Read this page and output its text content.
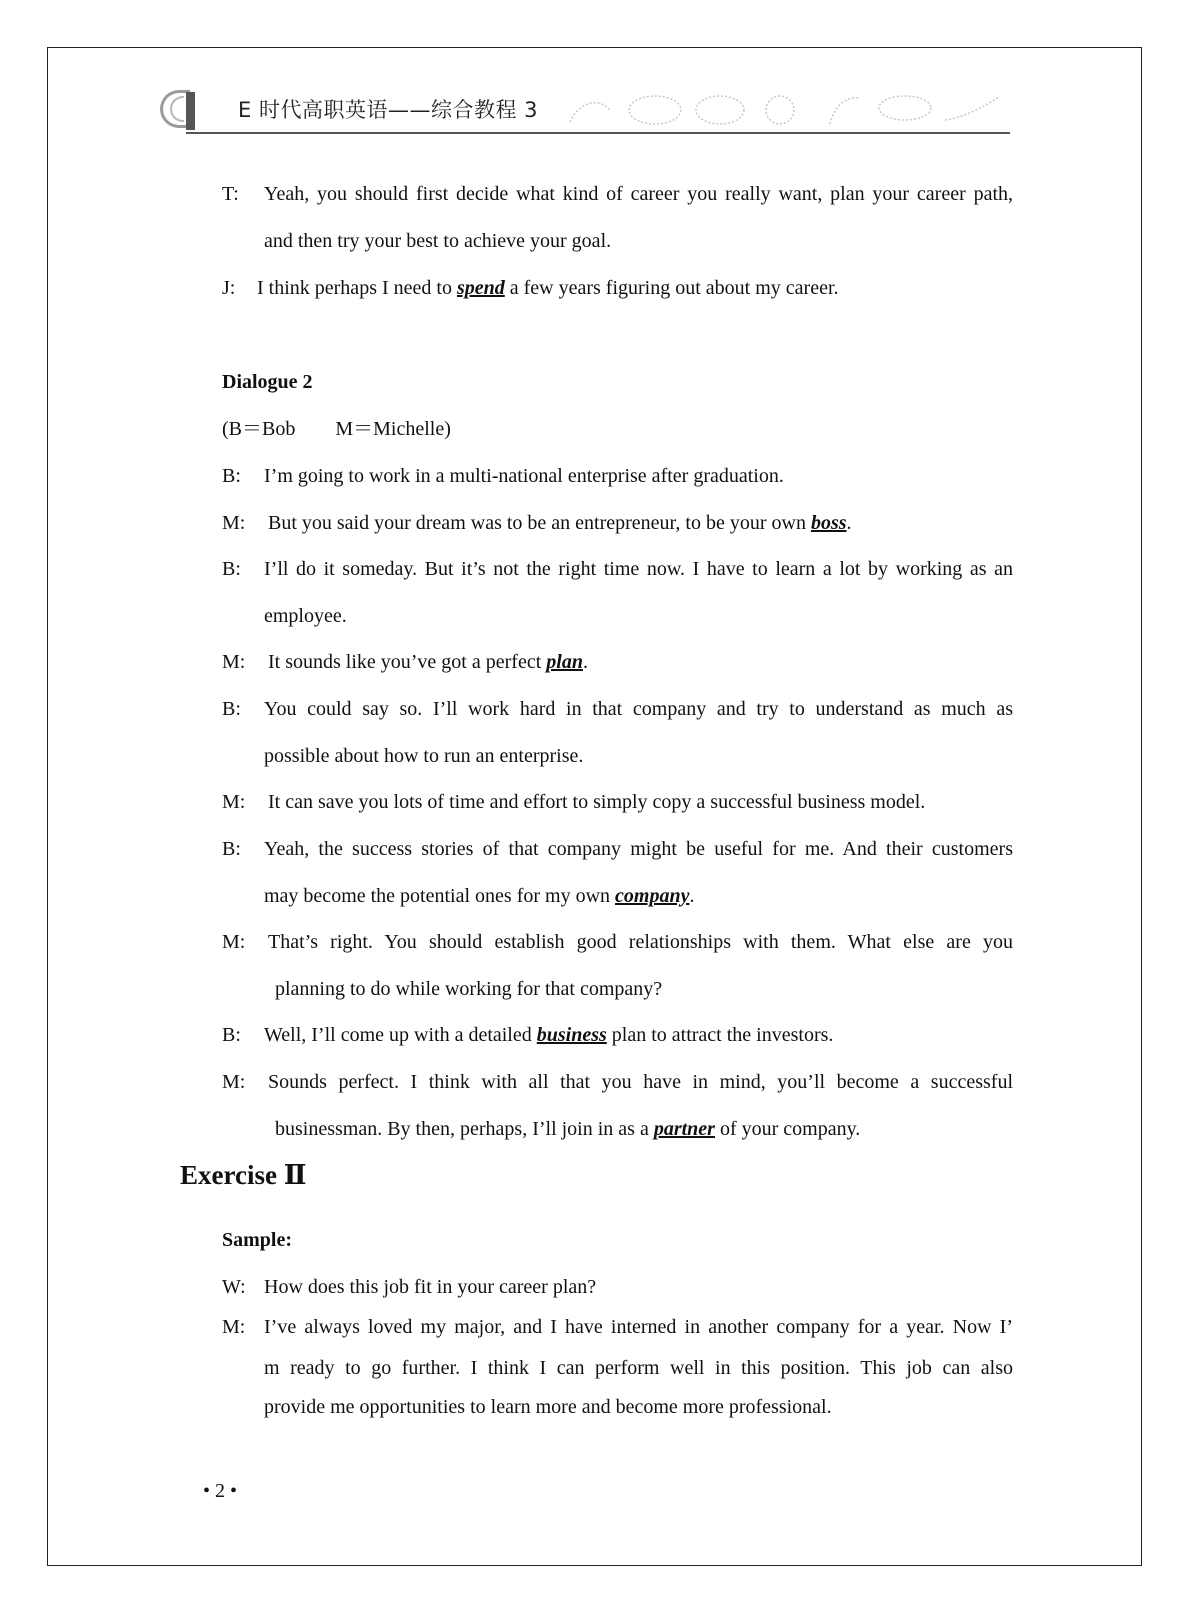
E 时代高职英语——综合教程 3
T: Yeah, you should first decide what kind of career you really want, plan your career path,
and then try your best to achieve your goal.
J: I think perhaps I need to spend a few years figuring out about my career.
Dialogue 2
(B＝Bob        M＝Michelle)
B: I’m going to work in a multi-national enterprise after graduation.
M: But you said your dream was to be an entrepreneur, to be your own boss.
B: I’ll do it someday. But it’s not the right time now. I have to learn a lot by working as an
employee.
M: It sounds like you’ve got a perfect plan.
B: You could say so. I’ll work hard in that company and try to understand as much as
possible about how to run an enterprise.
M: It can save you lots of time and effort to simply copy a successful business model.
B: Yeah, the success stories of that company might be useful for me. And their customers
may become the potential ones for my own company.
M: That’s right. You should establish good relationships with them. What else are you
planning to do while working for that company?
B: Well, I’ll come up with a detailed business plan to attract the investors.
M: Sounds perfect. I think with all that you have in mind, you’ll become a successful
businessman. By then, perhaps, I’ll join in as a partner of your company.
Exercise Ⅱ
Sample:
W: How does this job fit in your career plan?
M: I’ve always loved my major, and I have interned in another company for a year. Now I’
m ready to go further. I think I can perform well in this position. This job can also
provide me opportunities to learn more and become more professional.
• 2 •
